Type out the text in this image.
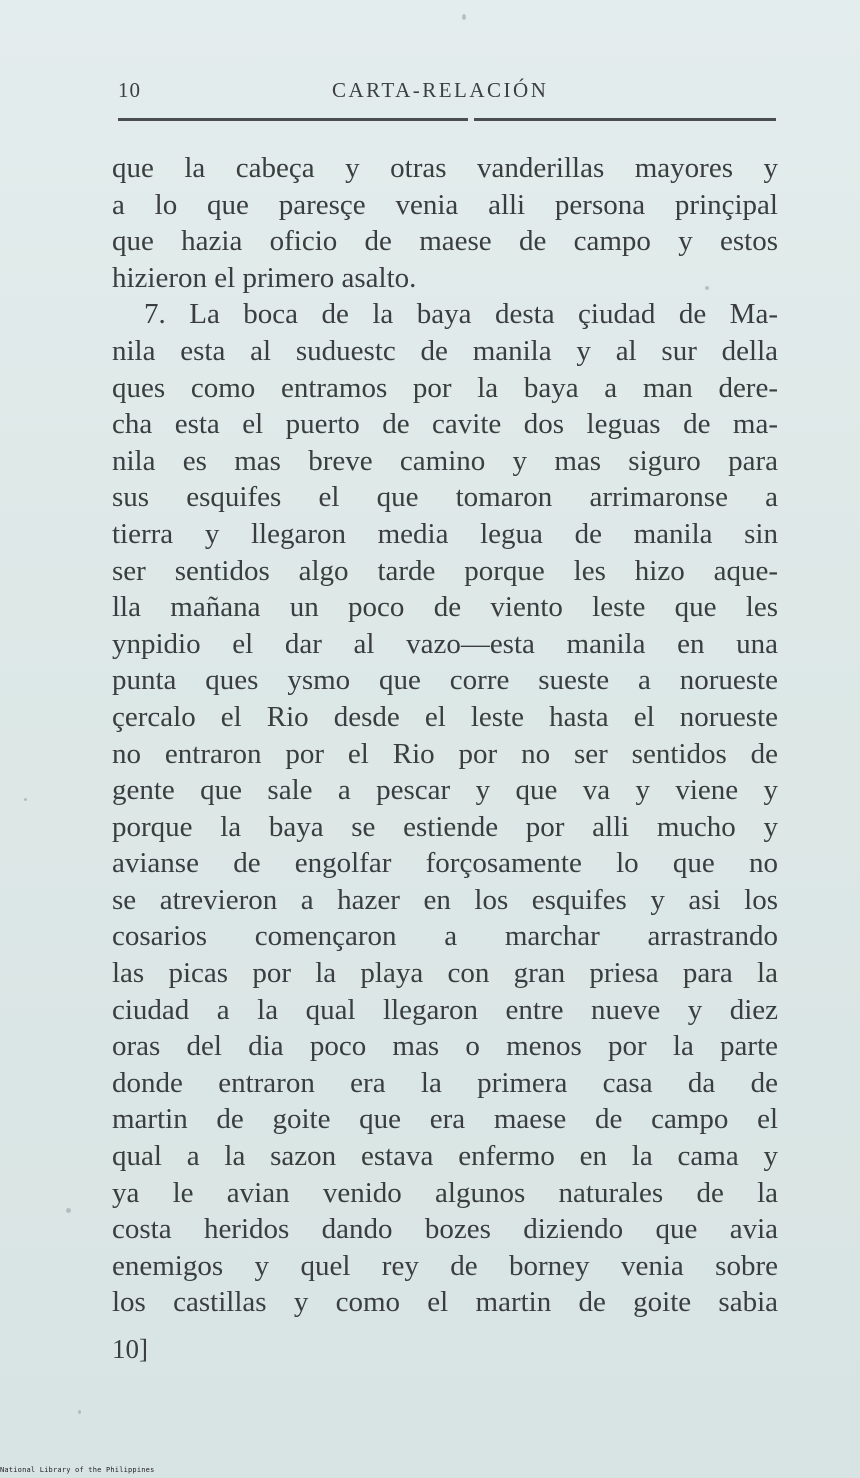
10	CARTA-RELACIÓN
que la cabeça y otras vanderillas mayores y
a lo que paresçe venia alli persona prinçipal
que hazia oficio de maese de campo y estos
hizieron el primero asalto.
7. La boca de la baya desta çiudad de Ma-
nila esta al suduestc de manila y al sur della
ques como entramos por la baya a man dere-
cha esta el puerto de cavite dos leguas de ma-
nila es mas breve camino y mas siguro para
sus esquifes el que tomaron arrimaronse a
tierra y llegaron media legua de manila sin
ser sentidos algo tarde porque les hizo aque-
lla mañana un poco de viento leste que les
ynpidio el dar al vazo—esta manila en una
punta ques ysmo que corre sueste a norueste
çercalo el Rio desde el leste hasta el norueste
no entraron por el Rio por no ser sentidos de
gente que sale a pescar y que va y viene y
porque la baya se estiende por alli mucho y
avianse de engolfar forçosamente lo que no
se atrevieron a hazer en los esquifes y asi los
cosarios començaron a marchar arrastrando
las picas por la playa con gran priesa para la
ciudad a la qual llegaron entre nueve y diez
oras del dia poco mas o menos por la parte
donde entraron era la primera casa da de
martin de goite que era maese de campo el
qual a la sazon estava enfermo en la cama y
ya le avian venido algunos naturales de la
costa heridos dando bozes diziendo que avia
enemigos y quel rey de borney venia sobre
los castillas y como el martin de goite sabia
10]
National Library of the Philippines
